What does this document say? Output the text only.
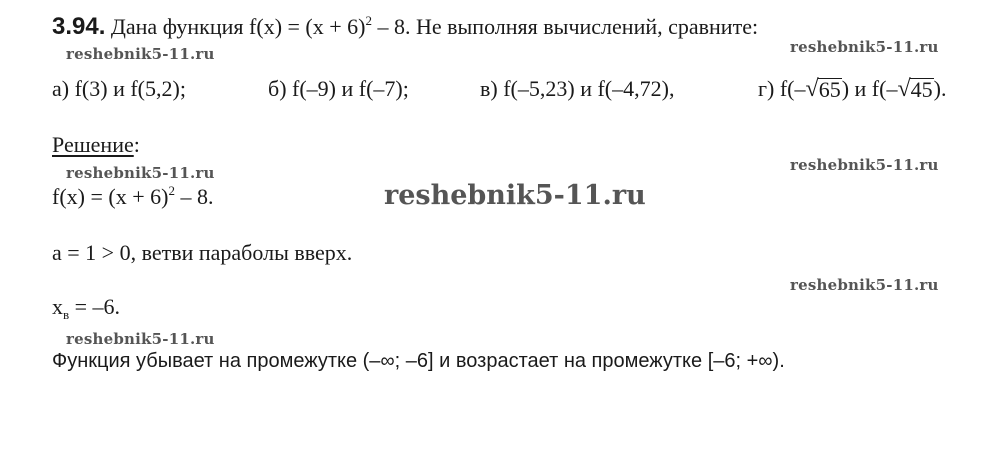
3.94. Дана функция $f(x) = (x + 6)^2 - 8$. Не выполняя вычислений, сравните:
reshebnik5-11.ru	reshebnik5-11.ru
а) f(3) и f(5,2);	б) f(–9) и f(–7);	в) f(–5,23) и f(–4,72),	г) f(– √ 65 ) и f(– √ 45 ).
Решение:
reshebnik5-11.ru	reshebnik5-11.ru
$f(x) = (x + 6)^2 - 8$.	reshebnik5-11.ru
a = 1 > 0, ветви параболы вверх.
reshebnik5-11.ru
$x_в = -6$.
reshebnik5-11.ru
Функция убывает на промежутке (–∞; –6] и возрастает на промежутке [–6; +∞).
